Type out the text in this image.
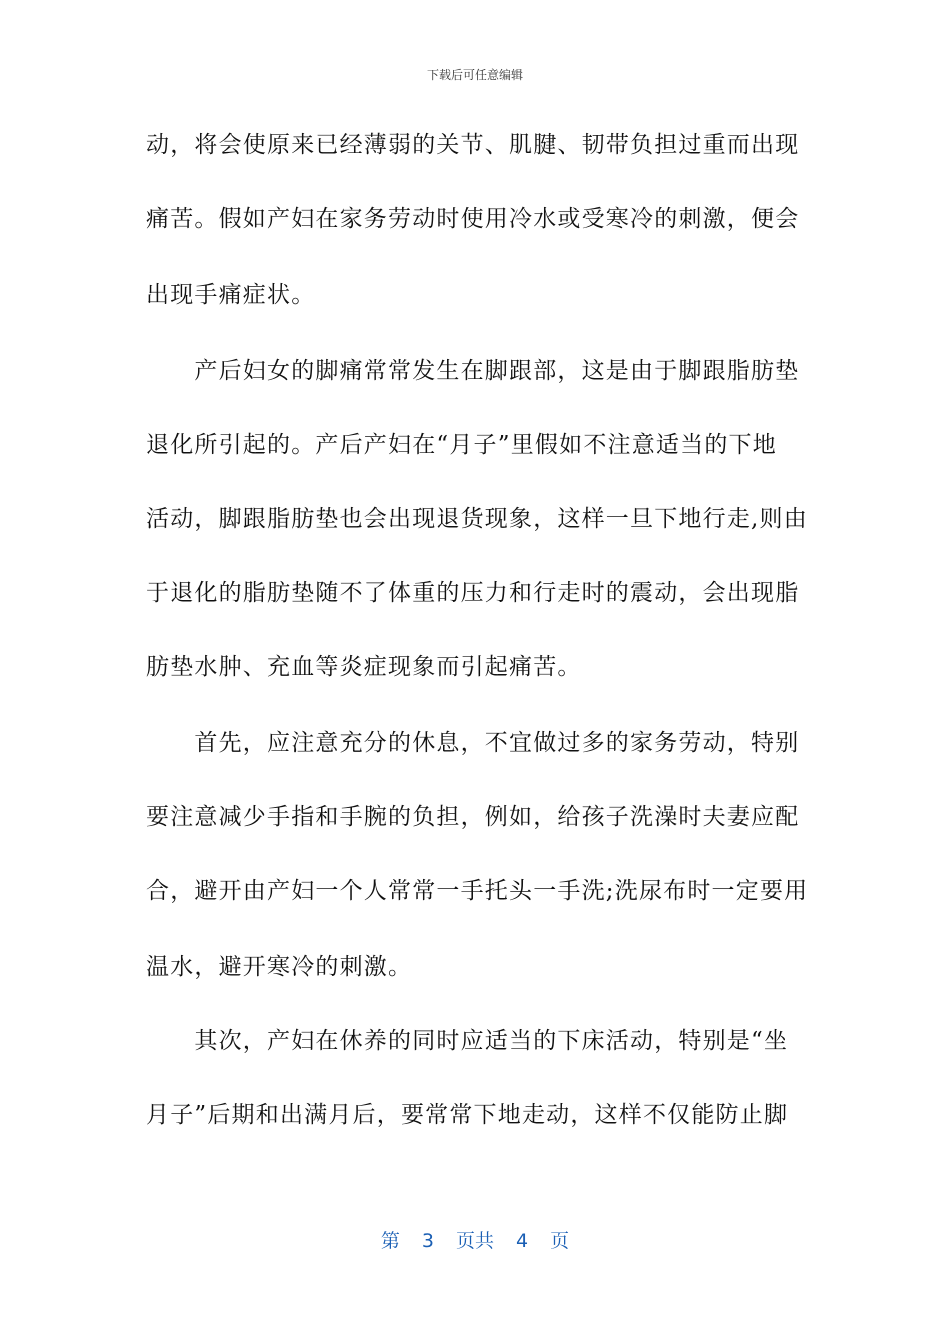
下载后可任意编辑
动，将会使原来已经薄弱的关节、肌腱、韧带负担过重而出现
痛苦。假如产妇在家务劳动时使用冷水或受寒冷的刺激，便会
出现手痛症状。
　　产后妇女的脚痛常常发生在脚跟部，这是由于脚跟脂肪垫
退化所引起的。产后产妇在“月子”里假如不注意适当的下地
活动，脚跟脂肪垫也会出现退货现象，这样一旦下地行走,则由
于退化的脂肪垫随不了体重的压力和行走时的震动，会出现脂
肪垫水肿、充血等炎症现象而引起痛苦。
　　首先，应注意充分的休息，不宜做过多的家务劳动，特别
要注意减少手指和手腕的负担，例如，给孩子洗澡时夫妻应配
合，避开由产妇一个人常常一手托头一手洗;洗尿布时一定要用
温水，避开寒冷的刺激。
　　其次，产妇在休养的同时应适当的下床活动，特别是“坐
月子”后期和出满月后，要常常下地走动，这样不仅能防止脚
第 3 页共 4 页
